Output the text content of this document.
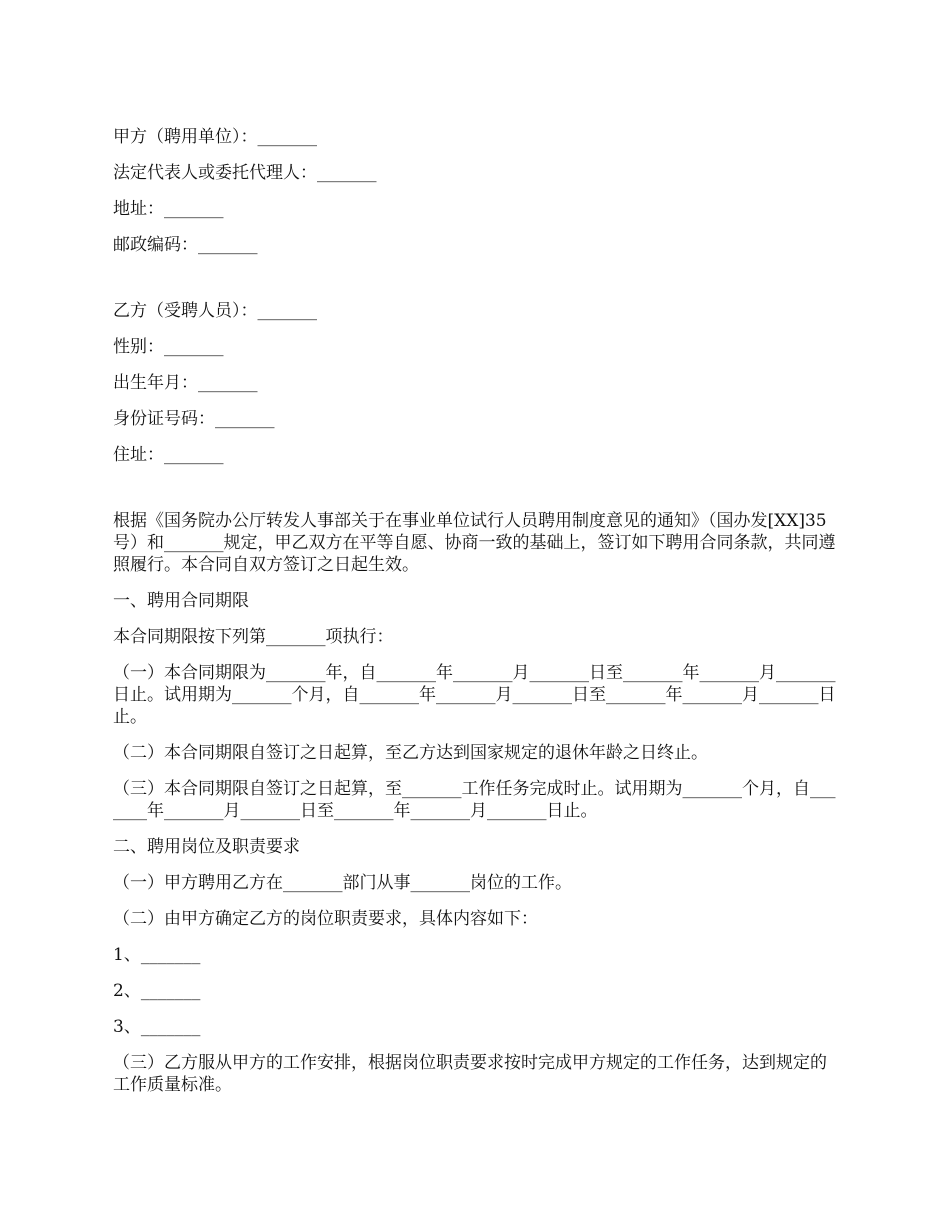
甲方（聘用单位）：_______
法定代表人或委托代理人：_______
地址：_______
邮政编码：_______
乙方（受聘人员）：_______
性别：_______
出生年月：_______
身份证号码：_______
住址：_______
根据《国务院办公厅转发人事部关于在事业单位试行人员聘用制度意见的通知》（国办发[XX]35号）和_______规定，甲乙双方在平等自愿、协商一致的基础上，签订如下聘用合同条款，共同遵照履行。本合同自双方签订之日起生效。
一、聘用合同期限
本合同期限按下列第_______项执行：
（一）本合同期限为_______年，自_______年_______月_______日至_______年_______月_______日止。试用期为_______个月，自_______年_______月_______日至_______年_______月_______日止。
（二）本合同期限自签订之日起算，至乙方达到国家规定的退休年龄之日终止。
（三）本合同期限自签订之日起算，至_______工作任务完成时止。试用期为_______个月，自_______年_______月_______日至_______年_______月_______日止。
二、聘用岗位及职责要求
（一）甲方聘用乙方在_______部门从事_______岗位的工作。
（二）由甲方确定乙方的岗位职责要求，具体内容如下：
1、_______
2、_______
3、_______
（三）乙方服从甲方的工作安排，根据岗位职责要求按时完成甲方规定的工作任务，达到规定的工作质量标准。
